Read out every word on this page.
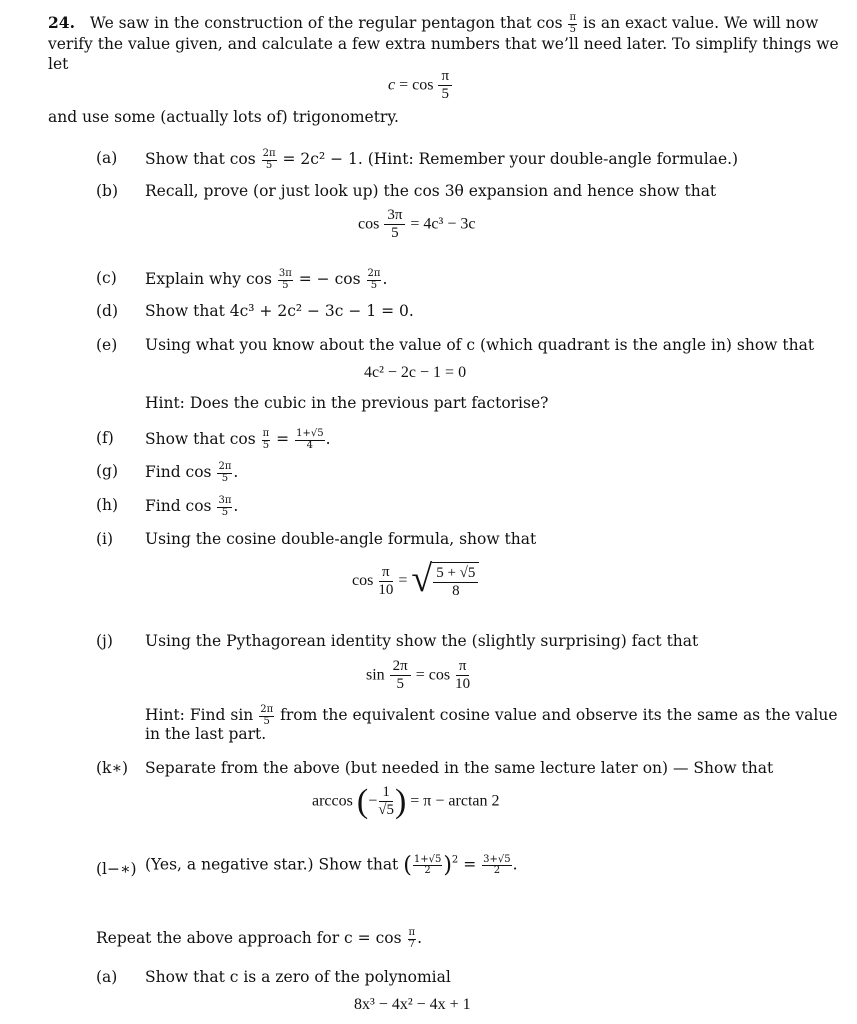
24. We saw in the construction of the regular pentagon that $\cos \frac{\pi}{5}$ is an exact value. We will now
verify the value given, and calculate a few extra numbers that we’ll need later. To simplify things we
let
$c = \cos \frac{\pi}{5}$
and use some (actually lots of) trigonometry.
(a) Show that $\cos \frac{2\pi}{5} = 2c^2 - 1$. (Hint: Remember your double-angle formulae.)
(b) Recall, prove (or just look up) the cos 3θ expansion and hence show that
$\cos \frac{3\pi}{5} = 4c^3 - 3c$
(c) Explain why $\cos \frac{3\pi}{5}$ = − $\cos \frac{2\pi}{5}$ .
(d) Show that 4c³ + 2c² − 3c − 1 = 0.
(e) Using what you know about the value of c (which quadrant is the angle in) show that
4c² − 2c − 1 = 0
Hint: Does the cubic in the previous part factorise?
(f) Show that $\cos \frac{\pi}{5} = \frac{1+√5}{4}$ .
(g) Find $\cos \frac{2\pi}{5}$ .
(h) Find $\cos \frac{3\pi}{5}$ .
(i) Using the cosine double-angle formula, show that
$\cos \frac{\pi}{10}$ = √ $\frac{5 + √5}{8}$
(j) Using the Pythagorean identity show the (slightly surprising) fact that
$\sin \frac{2\pi}{5} = \cos \frac{\pi}{10}$
Hint: Find $\sin \frac{2\pi}{5}$ from the equivalent cosine value and observe its the same as the value
in the last part.
(k∗) Separate from the above (but needed in the same lecture later on) — Show that
arccos (− $\frac{1}{√5}$ ) = π − arctan 2
(l−∗) (Yes, a negative star.) Show that ( $\frac{1+√5}{2} )^2 = \frac{3+√5}{2}$ .
Repeat the above approach for $c = \cos \frac{\pi}{7}$ .
(a) Show that c is a zero of the polynomial
8x³ − 4x² − 4x + 1
